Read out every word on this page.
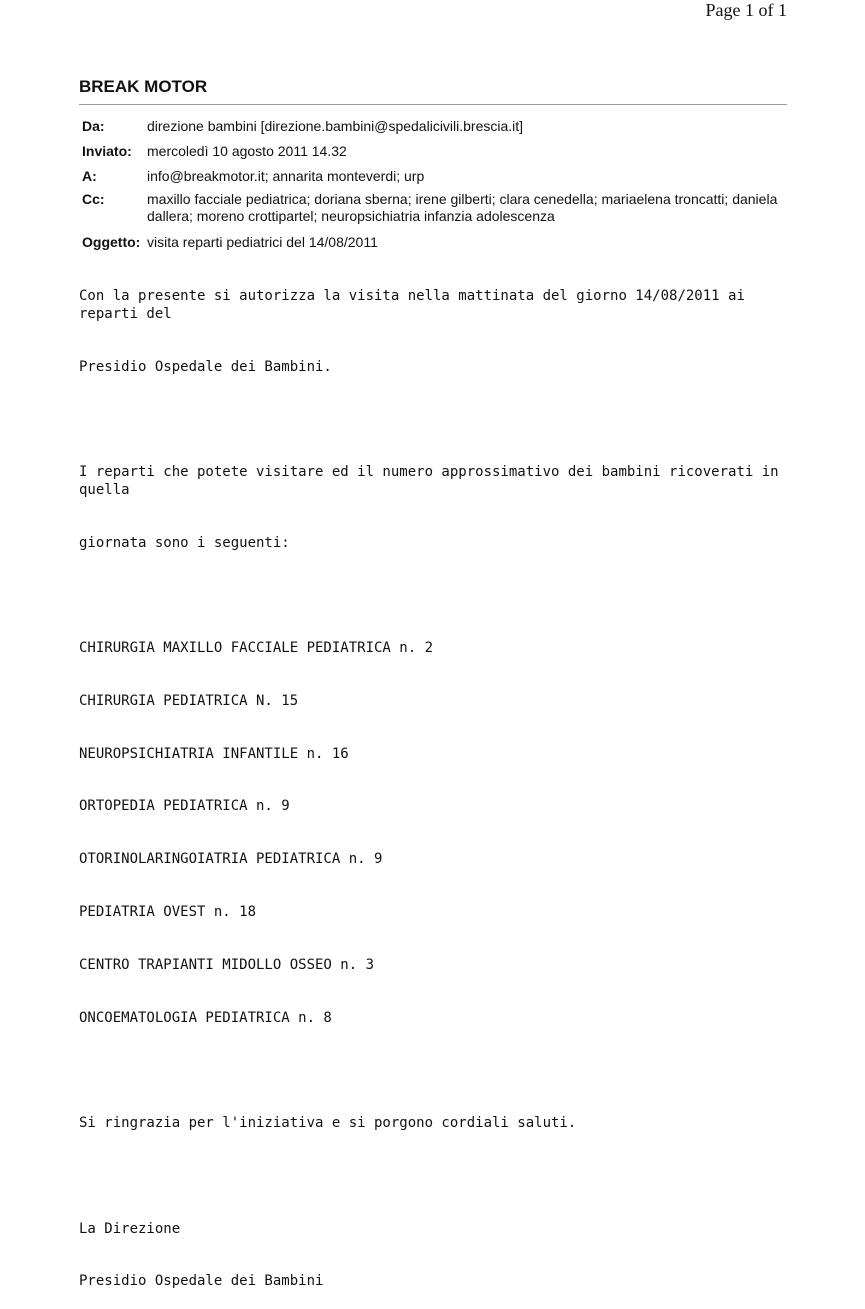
Page 1 of 1
BREAK MOTOR
Da:	direzione bambini [direzione.bambini@spedalicivili.brescia.it]
Inviato:	mercoledì 10 agosto 2011 14.32
A:	info@breakmotor.it; annarita monteverdi; urp
Cc:	maxillo facciale pediatrica; doriana sberna; irene gilberti; clara cenedella; mariaelena troncatti; daniela dallera; moreno crottipartel; neuropsichiatria infanzia adolescenza
Oggetto: visita reparti pediatrici del 14/08/2011

Con la presente si autorizza la visita nella mattinata del giorno 14/08/2011 ai reparti del

Presidio Ospedale dei Bambini.

I reparti che potete visitare ed il numero approssimativo dei bambini ricoverati in quella

giornata sono i seguenti:

CHIRURGIA MAXILLO FACCIALE PEDIATRICA n. 2

CHIRURGIA PEDIATRICA N. 15

NEUROPSICHIATRIA INFANTILE n. 16

ORTOPEDIA PEDIATRICA n. 9

OTORINOLARINGOIATRIA PEDIATRICA n. 9

PEDIATRIA OVEST n. 18

CENTRO TRAPIANTI MIDOLLO OSSEO n. 3

ONCOEMATOLOGIA PEDIATRICA n. 8

Si ringrazia per l'iniziativa e si porgono cordiali saluti.

La Direzione

Presidio Ospedale dei Bambini
